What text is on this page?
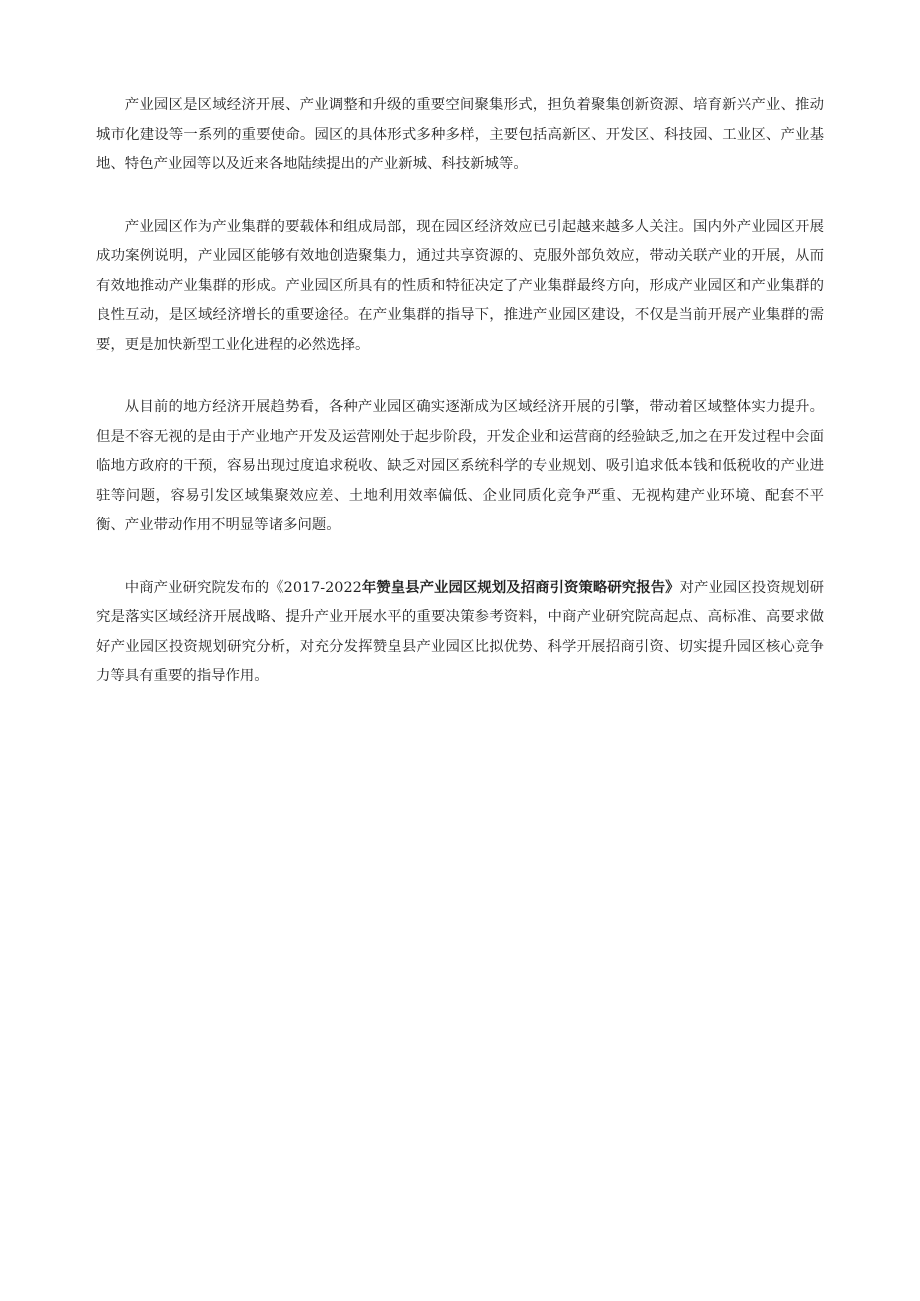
产业园区是区域经济开展、产业调整和升级的重要空间聚集形式，担负着聚集创新资源、培育新兴产业、推动城市化建设等一系列的重要使命。园区的具体形式多种多样，主要包括高新区、开发区、科技园、工业区、产业基地、特色产业园等以及近来各地陆续提出的产业新城、科技新城等。

产业园区作为产业集群的要载体和组成局部，现在园区经济效应已引起越来越多人关注。国内外产业园区开展成功案例说明，产业园区能够有效地创造聚集力，通过共享资源的、克服外部负效应，带动关联产业的开展，从而有效地推动产业集群的形成。产业园区所具有的性质和特征决定了产业集群最终方向，形成产业园区和产业集群的良性互动，是区域经济增长的重要途径。在产业集群的指导下，推进产业园区建设，不仅是当前开展产业集群的需要，更是加快新型工业化进程的必然选择。

从目前的地方经济开展趋势看，各种产业园区确实逐渐成为区域经济开展的引擎，带动着区域整体实力提升。但是不容无视的是由于产业地产开发及运营刚处于起步阶段，开发企业和运营商的经验缺乏,加之在开发过程中会面临地方政府的干预，容易出现过度追求税收、缺乏对园区系统科学的专业规划、吸引追求低本钱和低税收的产业进驻等问题，容易引发区域集聚效应差、土地利用效率偏低、企业同质化竞争严重、无视构建产业环境、配套不平衡、产业带动作用不明显等诸多问题。

中商产业研究院发布的《2017-2022年赞皇县产业园区规划及招商引资策略研究报告》对产业园区投资规划研究是落实区域经济开展战略、提升产业开展水平的重要决策参考资料，中商产业研究院高起点、高标准、高要求做好产业园区投资规划研究分析，对充分发挥赞皇县产业园区比拟优势、科学开展招商引资、切实提升园区核心竞争力等具有重要的指导作用。
